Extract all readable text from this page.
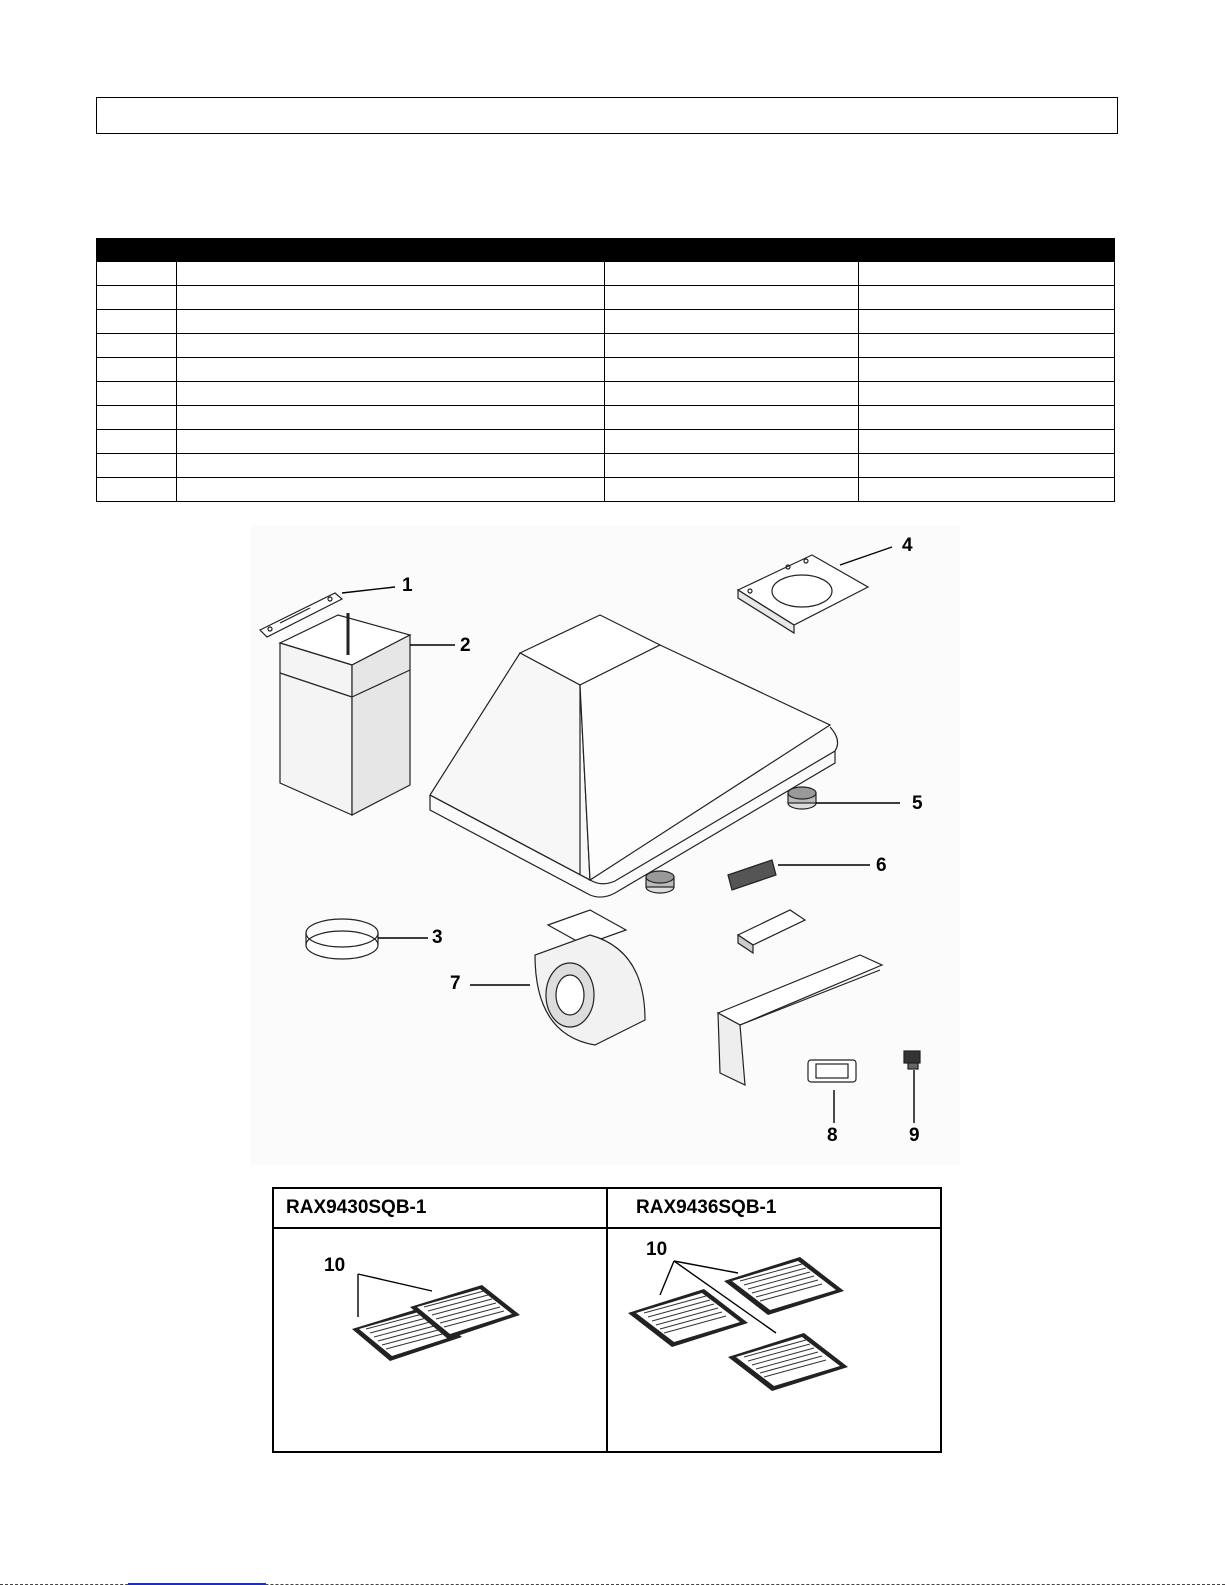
1
2
3
4
5
6
7
8	9
RAX9430SQB-1	RAX9436SQB-1

10	10
